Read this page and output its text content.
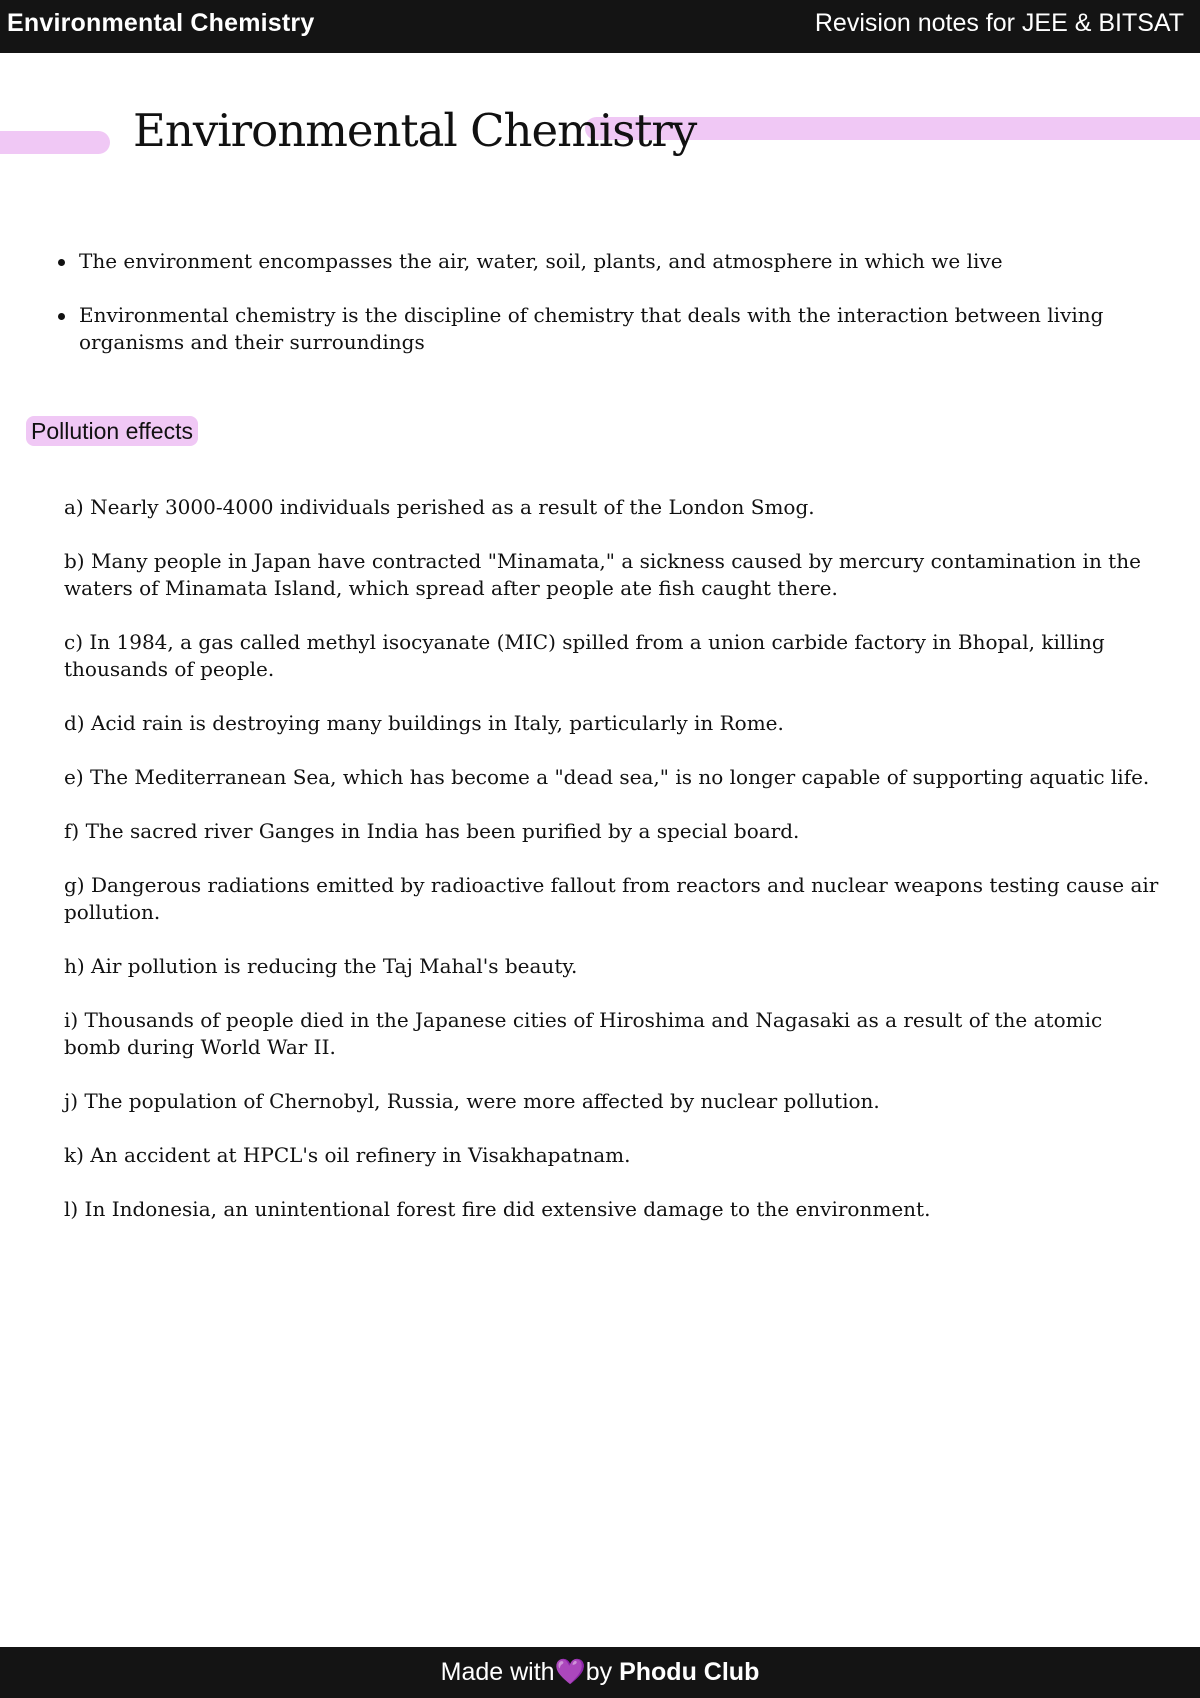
Environmental Chemistry	Revision notes for JEE & BITSAT
Environmental Chemistry
The environment encompasses the air, water, soil, plants, and atmosphere in which we live
Environmental chemistry is the discipline of chemistry that deals with the interaction between living organisms and their surroundings
Pollution effects
a) Nearly 3000-4000 individuals perished as a result of the London Smog.
b) Many people in Japan have contracted "Minamata," a sickness caused by mercury contamination in the waters of Minamata Island, which spread after people ate fish caught there.
c) In 1984, a gas called methyl isocyanate (MIC) spilled from a union carbide factory in Bhopal, killing thousands of people.
d) Acid rain is destroying many buildings in Italy, particularly in Rome.
e) The Mediterranean Sea, which has become a "dead sea," is no longer capable of supporting aquatic life.
f) The sacred river Ganges in India has been purified by a special board.
g) Dangerous radiations emitted by radioactive fallout from reactors and nuclear weapons testing cause air pollution.
h) Air pollution is reducing the Taj Mahal's beauty.
i) Thousands of people died in the Japanese cities of Hiroshima and Nagasaki as a result of the atomic bomb during World War II.
j) The population of Chernobyl, Russia, were more affected by nuclear pollution.
k) An accident at HPCL's oil refinery in Visakhapatnam.
l) In Indonesia, an unintentional forest fire did extensive damage to the environment.
Made with💜by Phodu Club
